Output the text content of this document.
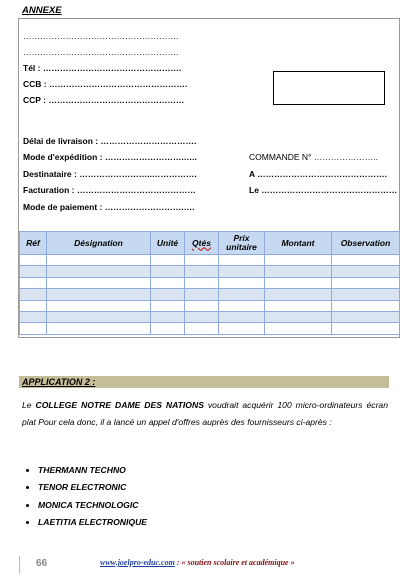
ANNEXE
……………………………………………….
……………………………………………….
Tél : ………………………………………….
CCB : ………………………………………….
CCP : …………………………………………
Délai de livraison : …………………………….
Mode d'expédition : ……………………….…..	COMMANDE N° …………………..
Destinataire : ……………………..…………….	A ……………………………………….
Facturation : ……………………………………	Le …………………………………………
Mode de paiement : ……………………….….
Réf	Désignation	Unité	Qtés	Prix unitaire	Montant	Observation

APPLICATION 2 :
Le COLLEGE NOTRE DAME DES NATIONS voudrait acquérir 100 micro-ordinateurs écran plat Pour cela donc, il a lancé un appel d'offres auprès des fournisseurs ci-après :
• THERMANN TECHNO
• TENOR ELECTRONIC
• MONICA TECHNOLOGIC
• LAETITIA ELECTRONIQUE
66	www.joelpro-educ.com : « soutien scolaire et académique »
